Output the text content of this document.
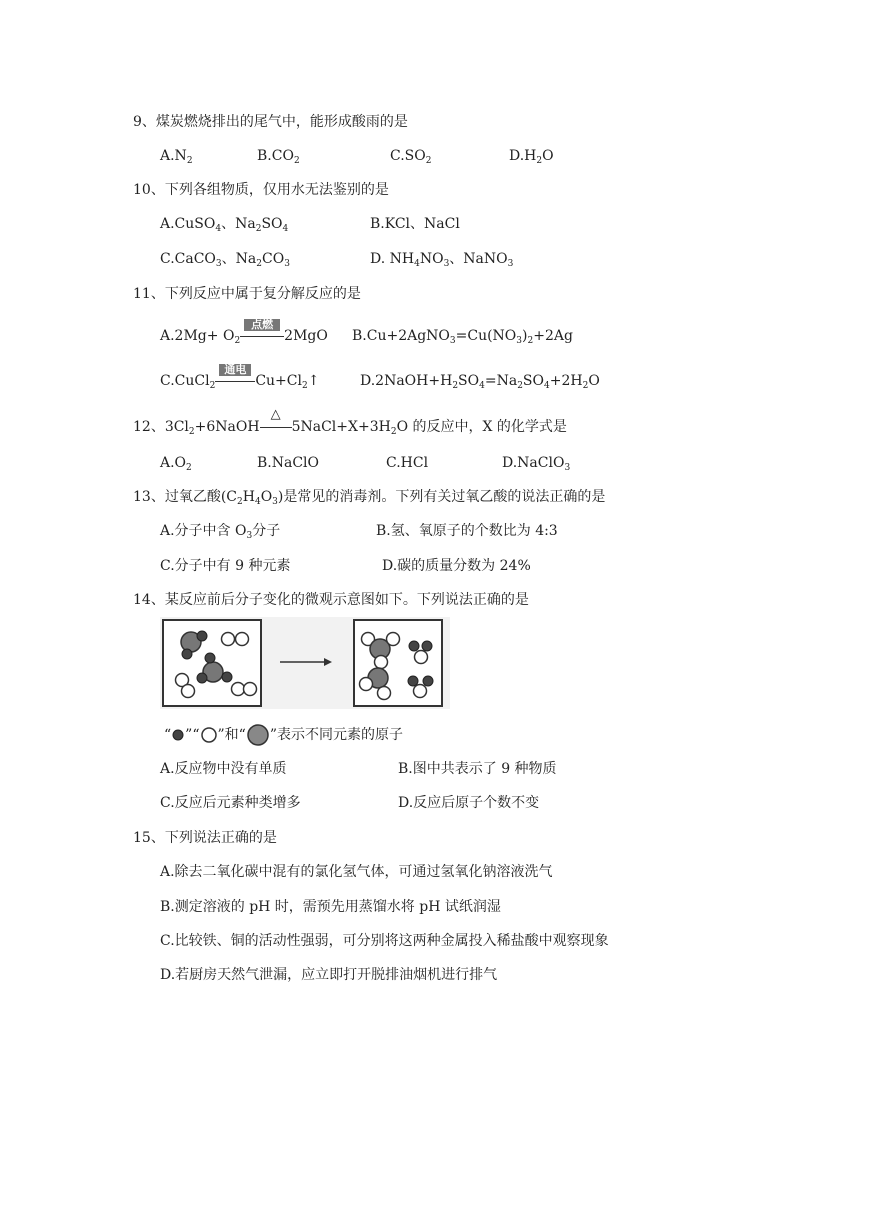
9、煤炭燃烧排出的尾气中，能形成酸雨的是
$A.N_2$	$B.CO_2$	$C.SO_2$	$D.H_2O$
10、下列各组物质，仅用水无法鉴别的是
A.CuSO$_4$、$Na_2SO_4$	B.KCl、NaCl
C.CaCO$_3$、$Na_2CO_3$	D. $NH_4NO_3$、NaNO$_3$
11、下列反应中属于复分解反应的是
$A.2Mg+ O_2$
点燃
2MgO $B.Cu+2AgNO_3=Cu(NO_3)_2+2Ag$
C.CuCl$_2$
通电
$Cu+Cl_2↑$	$D.2NaOH+H_2SO_4=Na_2SO_4+2H_2O$
12、$3Cl_2+6NaOH$
△
$5NaCl+X+3H_2O$ 的反应中，X 的化学式是
$A.O_2$	B.NaClO	C.HCl	D.NaClO$_3$
13、过氧乙酸$(C_2H_4O_3)$是常见的消毒剂。下列有关过氧乙酸的说法正确的是
A.分子中含 $O_3$分子	B.氢、氧原子的个数比为 4:3
C.分子中有 9 种元素	D.碳的质量分数为 24%
14、某反应前后分子变化的微观示意图如下。下列说法正确的是
“ ”“ ”和“ ”表示不同元素的原子
A.反应物中没有单质	B.图中共表示了 9 种物质
C.反应后元素种类增多	D.反应后原子个数不变
15、下列说法正确的是
A.除去二氧化碳中混有的氯化氢气体，可通过氢氧化钠溶液洗气
B.测定溶液的 pH 时，需预先用蒸馏水将 pH 试纸润湿
C.比较铁、铜的活动性强弱，可分别将这两种金属投入稀盐酸中观察现象
D.若厨房天然气泄漏，应立即打开脱排油烟机进行排气
